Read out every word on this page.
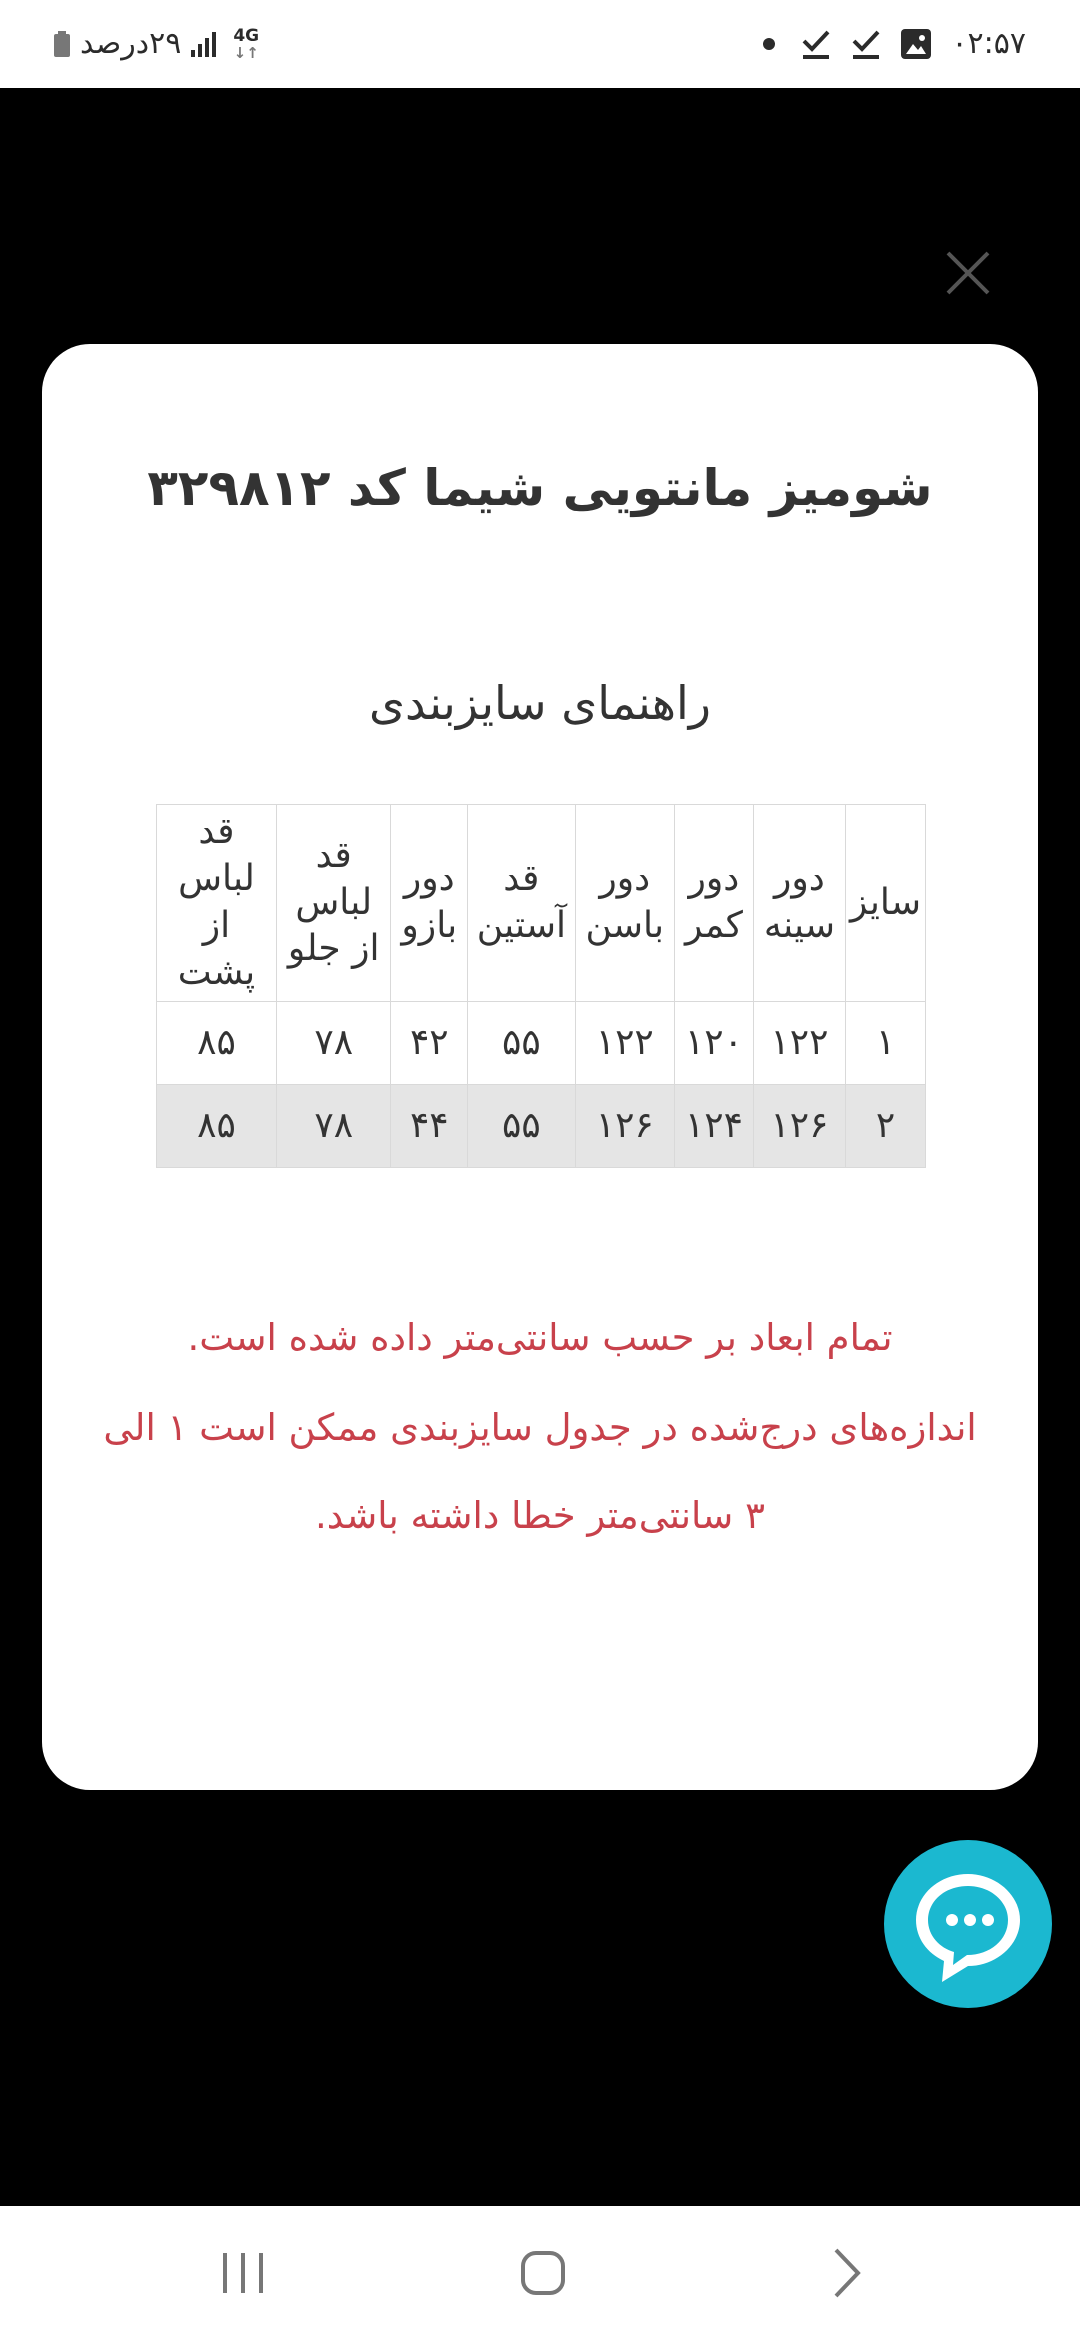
۲۹درصد	4G
↓↑	۰۲:۵۷
شومیز مانتویی شیما کد ۳۲۹۸۱۲
راهنمای سایزبندی
سایز	دور سینه	دور کمر	دور باسن	قد آستین	دور بازو	قد لباس از جلو	قد لباس از پشت
۱	۱۲۲	۱۲۰	۱۲۲	۵۵	۴۲	۷۸	۸۵
۲	۱۲۶	۱۲۴	۱۲۶	۵۵	۴۴	۷۸	۸۵
تمام ابعاد بر حسب سانتی‌متر داده شده است.
اندازه‌های درج‌شده در جدول سایزبندی ممکن است ۱ الی ۳ سانتی‌متر خطا داشته باشد.
